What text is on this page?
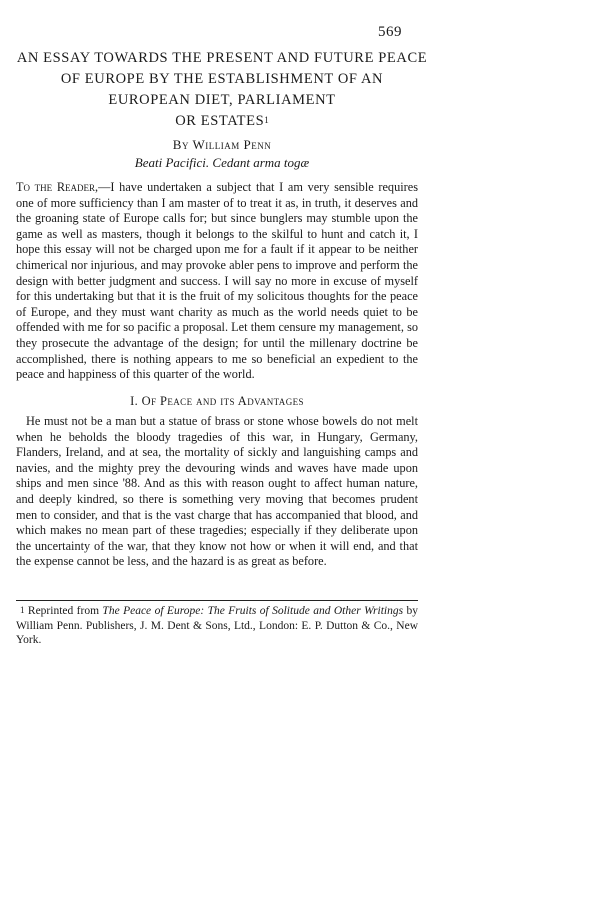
569
AN ESSAY TOWARDS THE PRESENT AND FUTURE PEACE
OF EUROPE BY THE ESTABLISHMENT OF AN
EUROPEAN DIET, PARLIAMENT
OR ESTATES$^1$
By William Penn
Beati Pacifici. Cedant arma togæ
To the Reader,—I have undertaken a subject that I am very sensible requires one of more sufficiency than I am master of to treat it as, in truth, it deserves and the groaning state of Europe calls for; but since bunglers may stumble upon the game as well as masters, though it belongs to the skilful to hunt and catch it, I hope this essay will not be charged upon me for a fault if it appear to be neither chimerical nor injurious, and may provoke abler pens to improve and perform the design with better judgment and success. I will say no more in excuse of myself for this undertaking but that it is the fruit of my solicitous thoughts for the peace of Europe, and they must want charity as much as the world needs quiet to be offended with me for so pacific a proposal. Let them censure my management, so they prosecute the advantage of the design; for until the millenary doctrine be accomplished, there is nothing appears to me so beneficial an expedient to the peace and happiness of this quarter of the world.
I. Of Peace and its Advantages
He must not be a man but a statue of brass or stone whose bowels do not melt when he beholds the bloody tragedies of this war, in Hungary, Germany, Flanders, Ireland, and at sea, the mortality of sickly and languishing camps and navies, and the mighty prey the devouring winds and waves have made upon ships and men since '88. And as this with reason ought to affect human nature, and deeply kindred, so there is something very moving that becomes prudent men to consider, and that is the vast charge that has accompanied that blood, and which makes no mean part of these tragedies; especially if they deliberate upon the uncertainty of the war, that they know not how or when it will end, and that the expense cannot be less, and the hazard is as great as before.
$^1$ Reprinted from The Peace of Europe: The Fruits of Solitude and Other Writings by William Penn. Publishers, J. M. Dent & Sons, Ltd., London: E. P. Dutton & Co., New York.
